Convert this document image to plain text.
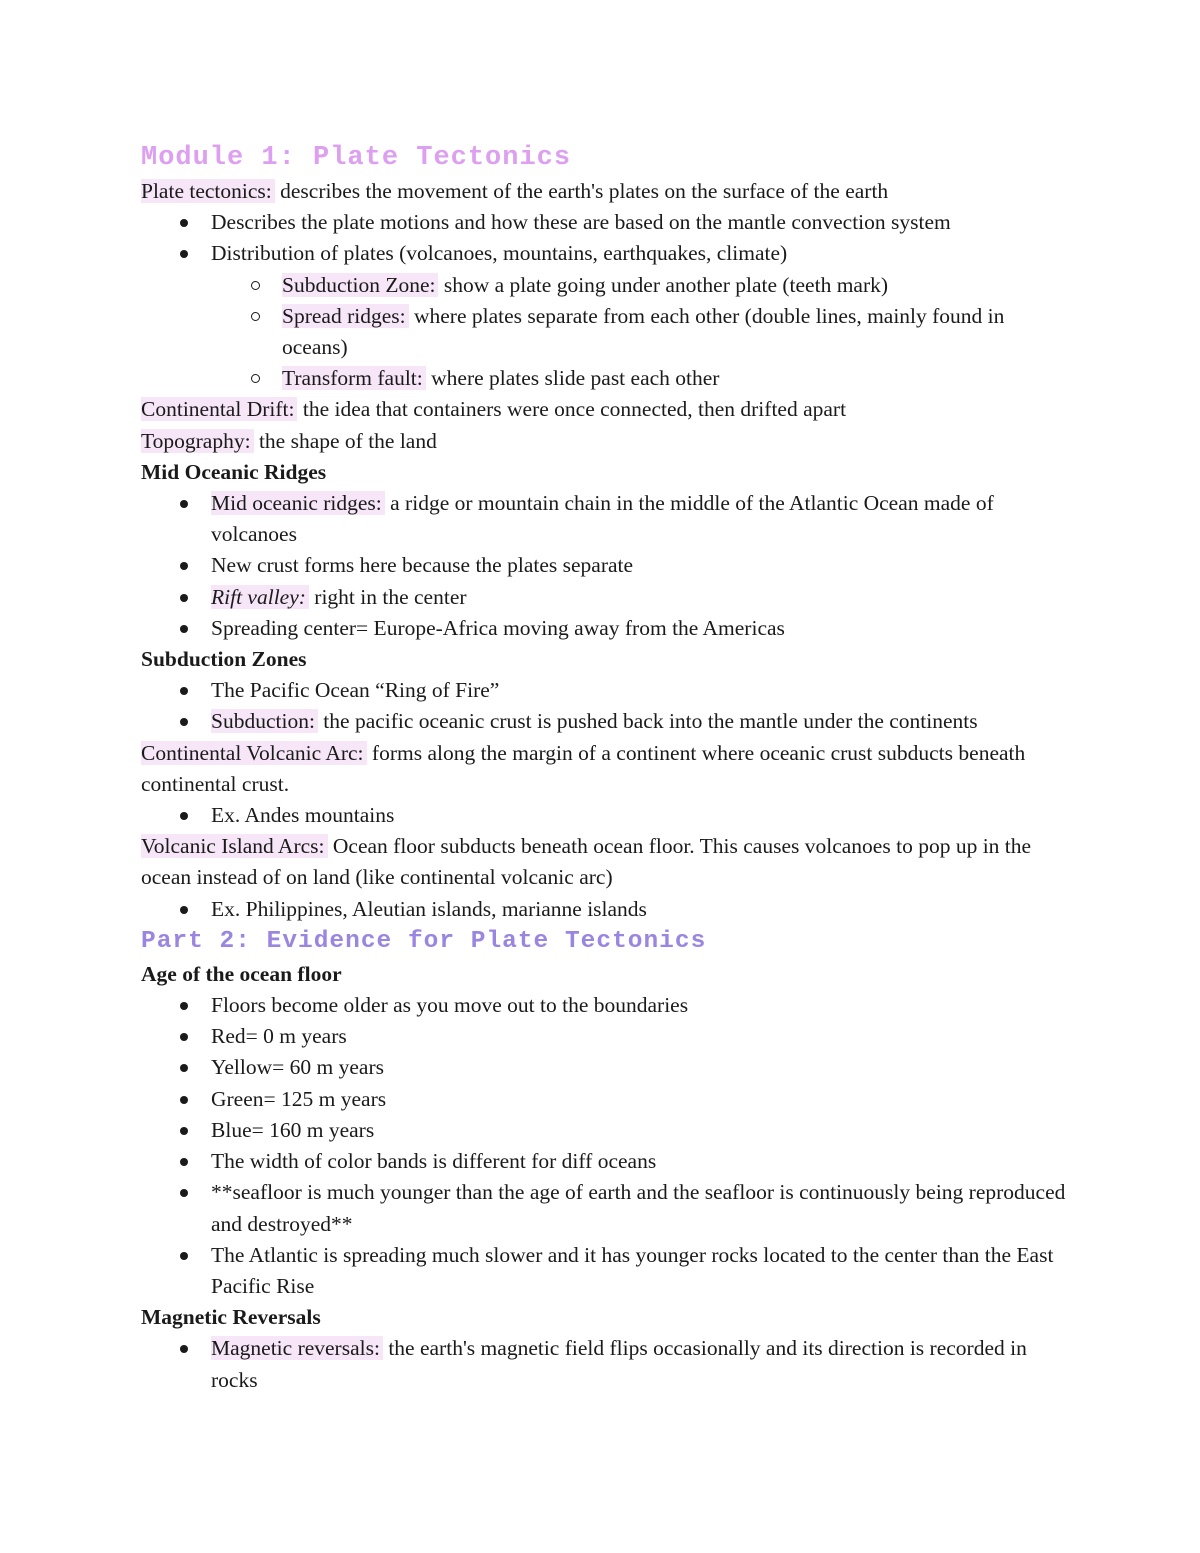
Module 1: Plate Tectonics
Plate tectonics: describes the movement of the earth's plates on the surface of the earth
Describes the plate motions and how these are based on the mantle convection system
Distribution of plates (volcanoes, mountains, earthquakes, climate)
Subduction Zone: show a plate going under another plate (teeth mark)
Spread ridges: where plates separate from each other (double lines, mainly found in oceans)
Transform fault: where plates slide past each other
Continental Drift: the idea that containers were once connected, then drifted apart
Topography: the shape of the land
Mid Oceanic Ridges
Mid oceanic ridges: a ridge or mountain chain in the middle of the Atlantic Ocean made of volcanoes
New crust forms here because the plates separate
Rift valley: right in the center
Spreading center= Europe-Africa moving away from the Americas
Subduction Zones
The Pacific Ocean “Ring of Fire”
Subduction: the pacific oceanic crust is pushed back into the mantle under the continents
Continental Volcanic Arc: forms along the margin of a continent where oceanic crust subducts beneath continental crust.
Ex. Andes mountains
Volcanic Island Arcs: Ocean floor subducts beneath ocean floor. This causes volcanoes to pop up in the ocean instead of on land (like continental volcanic arc)
Ex. Philippines, Aleutian islands, marianne islands
Part 2: Evidence for Plate Tectonics
Age of the ocean floor
Floors become older as you move out to the boundaries
Red= 0 m years
Yellow= 60 m years
Green= 125 m years
Blue= 160 m years
The width of color bands is different for diff oceans
**seafloor is much younger than the age of earth and the seafloor is continuously being reproduced and destroyed**
The Atlantic is spreading much slower and it has younger rocks located to the center than the East Pacific Rise
Magnetic Reversals
Magnetic reversals: the earth's magnetic field flips occasionally and its direction is recorded in rocks
